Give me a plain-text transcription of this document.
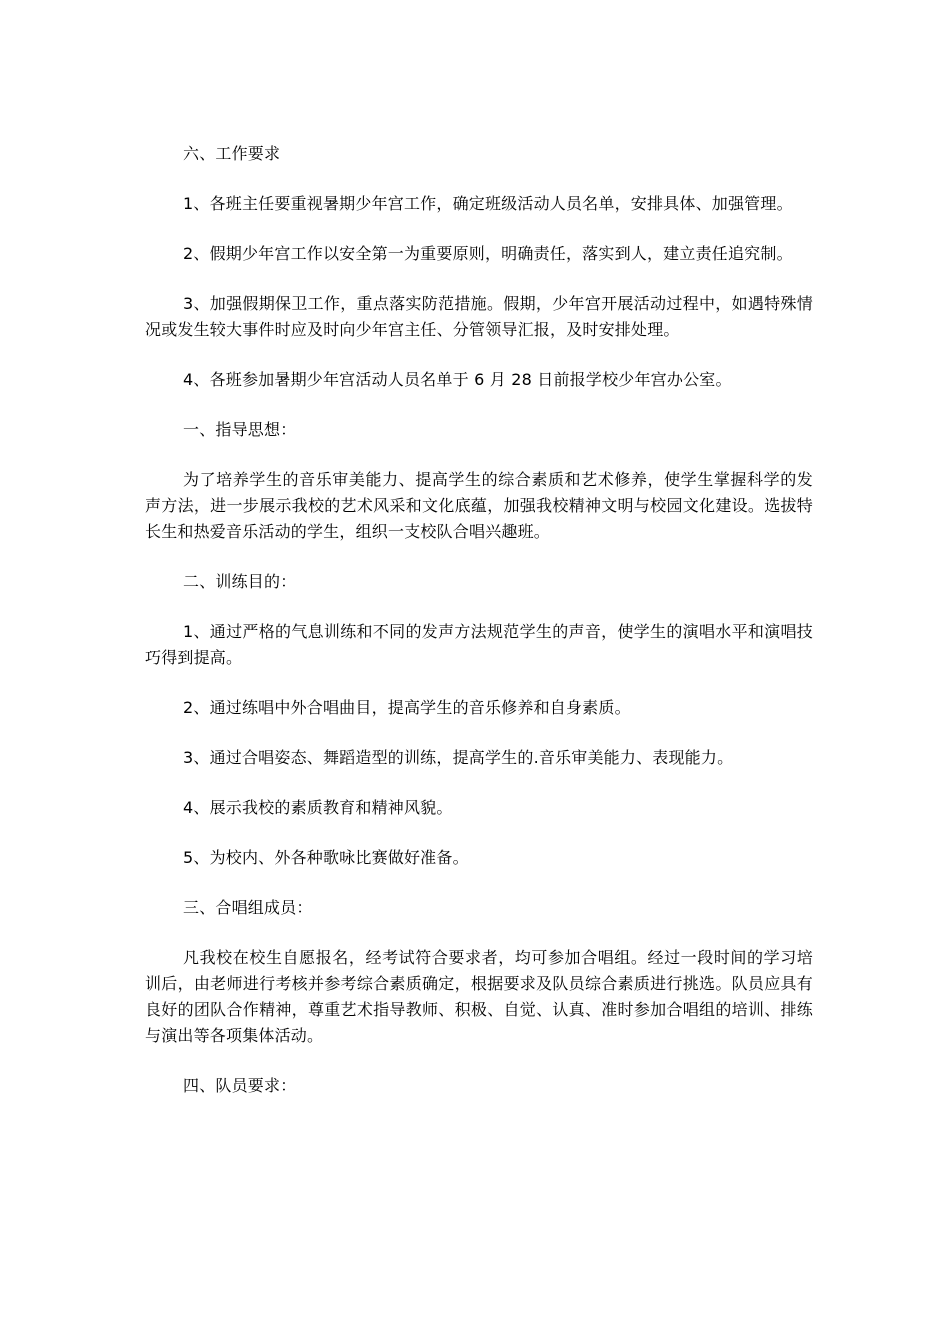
六、工作要求

1、各班主任要重视暑期少年宫工作，确定班级活动人员名单，安排具体、加强管理。

2、假期少年宫工作以安全第一为重要原则，明确责任，落实到人，建立责任追究制。

3、加强假期保卫工作，重点落实防范措施。假期，少年宫开展活动过程中，如遇特殊情况或发生较大事件时应及时向少年宫主任、分管领导汇报，及时安排处理。

4、各班参加暑期少年宫活动人员名单于 6 月 28 日前报学校少年宫办公室。

一、指导思想：

为了培养学生的音乐审美能力、提高学生的综合素质和艺术修养，使学生掌握科学的发声方法，进一步展示我校的艺术风采和文化底蕴，加强我校精神文明与校园文化建设。选拔特长生和热爱音乐活动的学生，组织一支校队合唱兴趣班。

二、训练目的：

1、通过严格的气息训练和不同的发声方法规范学生的声音，使学生的演唱水平和演唱技巧得到提高。

2、通过练唱中外合唱曲目，提高学生的音乐修养和自身素质。

3、通过合唱姿态、舞蹈造型的训练，提高学生的.音乐审美能力、表现能力。

4、展示我校的素质教育和精神风貌。

5、为校内、外各种歌咏比赛做好准备。

三、合唱组成员：

凡我校在校生自愿报名，经考试符合要求者，均可参加合唱组。经过一段时间的学习培训后，由老师进行考核并参考综合素质确定，根据要求及队员综合素质进行挑选。队员应具有良好的团队合作精神，尊重艺术指导教师、积极、自觉、认真、准时参加合唱组的培训、排练与演出等各项集体活动。

四、队员要求：
